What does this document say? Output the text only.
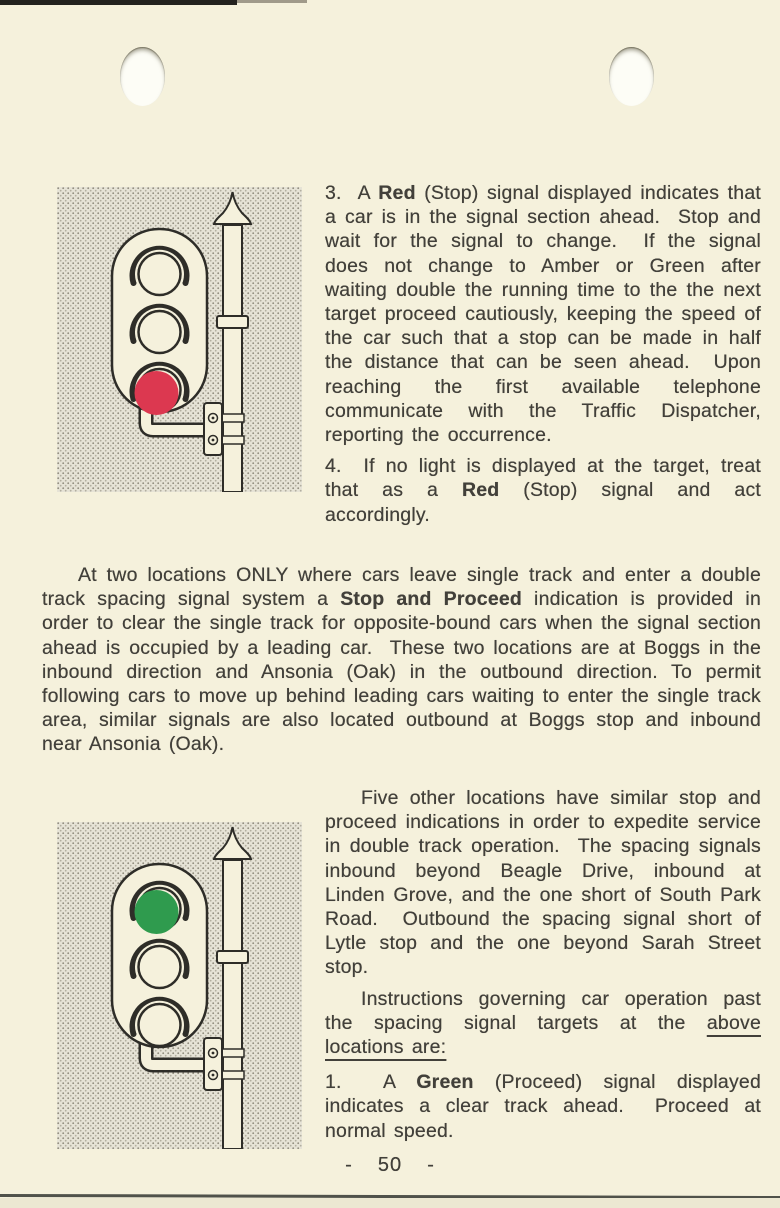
3.  A Red (Stop) signal displayed indicates that a car is in the signal section ahead.  Stop and wait for the signal to change.  If the signal does not change to Amber or Green after waiting double the running time to the the next target proceed cautiously, keeping the speed of the car such that a stop can be made in half the distance that can be seen ahead.  Upon reaching the first available telephone communicate with the Traffic Dispatcher, reporting the occurrence.

4.  If no light is displayed at the target, treat that as a Red (Stop) signal and act accordingly.

At two locations ONLY where cars leave single track and enter a double track spacing signal system a Stop and Proceed indication is provided in order to clear the single track for opposite-bound cars when the signal section ahead is occupied by a leading car.  These two locations are at Boggs in the inbound direction and Ansonia (Oak) in the outbound direction. To permit following cars to move up behind leading cars waiting to enter the single track area, similar signals are also located outbound at Boggs stop and inbound near Ansonia (Oak).

Five other locations have similar stop and proceed indications in order to expedite service in double track operation.  The spacing signals inbound beyond Beagle Drive, inbound at Linden Grove, and the one short of South Park Road.  Outbound the spacing signal short of Lytle stop and the one beyond Sarah Street stop.

Instructions governing car operation past the spacing signal targets at the above locations are:

1.  A Green (Proceed) signal displayed indicates a clear track ahead.  Proceed at normal speed.

-  50  -
